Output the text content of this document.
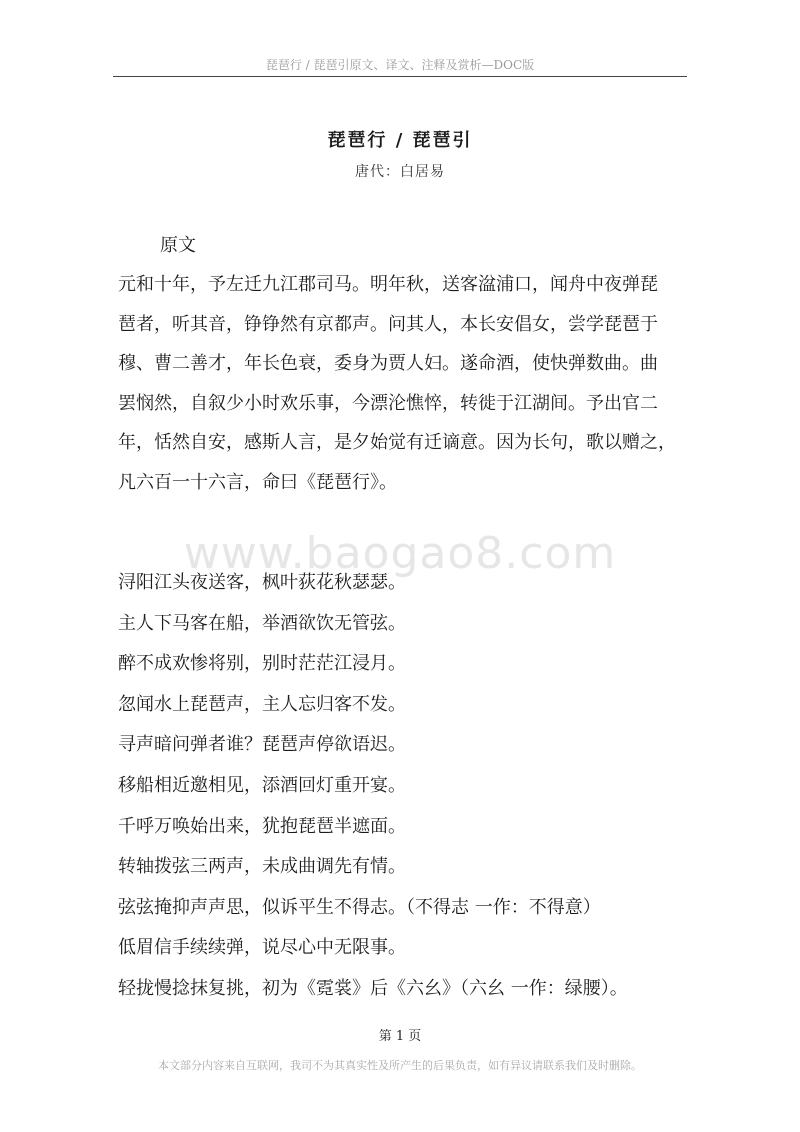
琵琶行 / 琵琶引原文、译文、注释及赏析—DOC版
琵琶行 / 琵琶引
唐代：白居易
原文

元和十年，予左迁九江郡司马。明年秋，送客湓浦口，闻舟中夜弹琵

琶者，听其音，铮铮然有京都声。问其人，本长安倡女，尝学琵琶于

穆、曹二善才，年长色衰，委身为贾人妇。遂命酒，使快弹数曲。曲

罢悯然，自叙少小时欢乐事，今漂沦憔悴，转徙于江湖间。予出官二

年，恬然自安，感斯人言，是夕始觉有迁谪意。因为长句，歌以赠之，

凡六百一十六言，命曰《琵琶行》。

www.baogao8.com
浔阳江头夜送客，枫叶荻花秋瑟瑟。
主人下马客在船，举酒欲饮无管弦。
醉不成欢惨将别，别时茫茫江浸月。
忽闻水上琵琶声，主人忘归客不发。
寻声暗问弹者谁？琵琶声停欲语迟。
移船相近邀相见，添酒回灯重开宴。
千呼万唤始出来，犹抱琵琶半遮面。
转轴拨弦三两声，未成曲调先有情。
弦弦掩抑声声思，似诉平生不得志。（不得志 一作：不得意）
低眉信手续续弹，说尽心中无限事。
轻拢慢捻抹复挑，初为《霓裳》后《六幺》（六幺 一作：绿腰）。
第 1 页
本文部分内容来自互联网，我司不为其真实性及所产生的后果负责，如有异议请联系我们及时删除。
